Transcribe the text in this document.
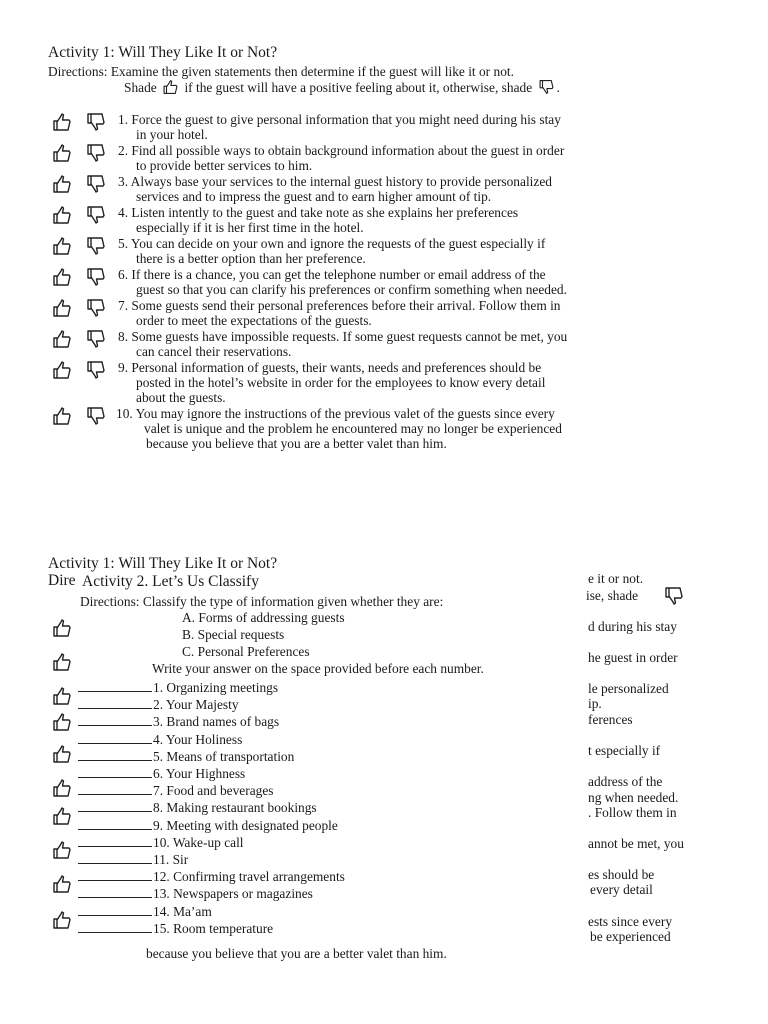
Activity 1: Will They Like It or Not?
Directions: Examine the given statements then determine if the guest will like it or not.
Shade if the guest will have a positive feeling about it, otherwise, shade .
1. Force the guest to give personal information that you might need during his stay
in your hotel.
2. Find all possible ways to obtain background information about the guest in order
to provide better services to him.
3. Always base your services to the internal guest history to provide personalized
services and to impress the guest and to earn higher amount of tip.
4. Listen intently to the guest and take note as she explains her preferences
especially if it is her first time in the hotel.
5. You can decide on your own and ignore the requests of the guest especially if
there is a better option than her preference.
6. If there is a chance, you can get the telephone number or email address of the
guest so that you can clarify his preferences or confirm something when needed.
7. Some guests send their personal preferences before their arrival. Follow them in
order to meet the expectations of the guests.
8. Some guests have impossible requests. If some guest requests cannot be met, you
can cancel their reservations.
9. Personal information of guests, their wants, needs and preferences should be
posted in the hotel’s website in order for the employees to know every detail
about the guests.
10. You may ignore the instructions of the previous valet of the guests since every
valet is unique and the problem he encountered may no longer be experienced
because you believe that you are a better valet than him.
Activity 1: Will They Like It or Not?
Dire	e it or not.
ise, shade
d during his stay
he guest in order
le personalized
ip.
ferences
t especially if
address of the
ng when needed.
. Follow them in
annot be met, you
es should be
every detail
ests since every
be experienced
because you believe that you are a better valet than him.
Activity 2. Let’s Us Classify
Directions: Classify the type of information given whether they are:
A. Forms of addressing guests
B. Special requests
C. Personal Preferences
Write your answer on the space provided before each number.
1. Organizing meetings
2. Your Majesty
3. Brand names of bags
4. Your Holiness
5. Means of transportation
6. Your Highness
7. Food and beverages
8. Making restaurant bookings
9. Meeting with designated people
10. Wake-up call
11. Sir
12. Confirming travel arrangements
13. Newspapers or magazines
14. Ma’am
15. Room temperature
